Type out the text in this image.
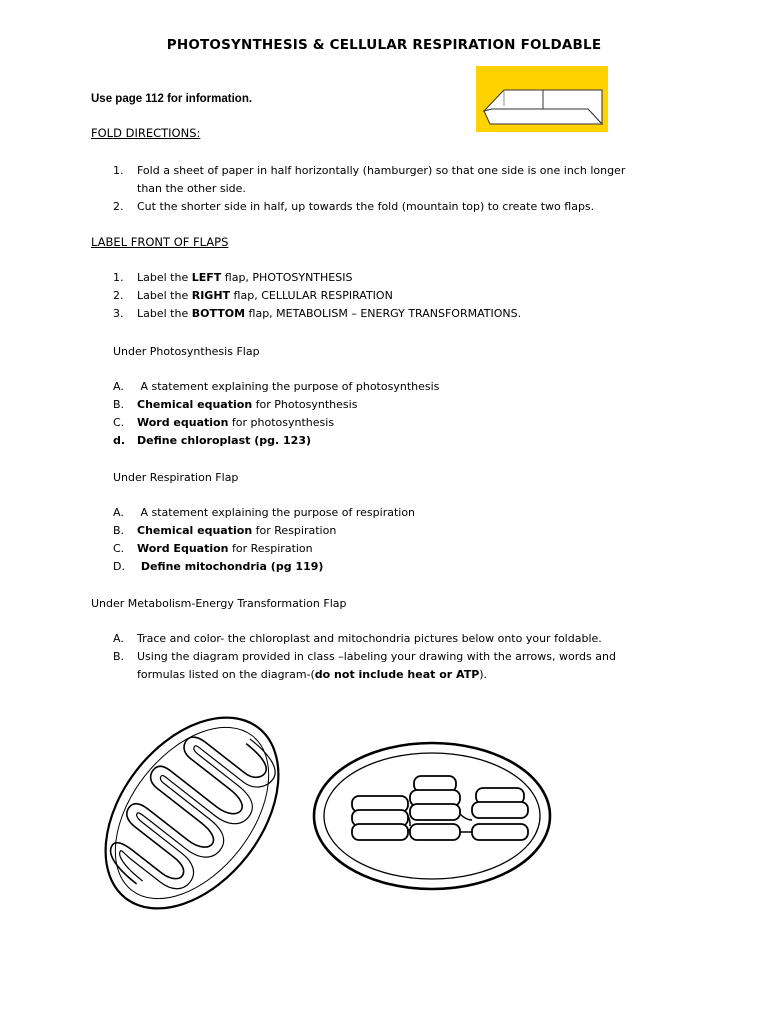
PHOTOSYNTHESIS & CELLULAR RESPIRATION FOLDABLE
Use page 112 for information.
FOLD DIRECTIONS:
1. Fold a sheet of paper in half horizontally (hamburger) so that one side is one inch longer
than the other side.
2. Cut the shorter side in half, up towards the fold (mountain top) to create two flaps.
LABEL FRONT OF FLAPS
1. Label the LEFT flap, PHOTOSYNTHESIS
2. Label the RIGHT flap, CELLULAR RESPIRATION
3. Label the BOTTOM flap, METABOLISM – ENERGY TRANSFORMATIONS.
Under Photosynthesis Flap
A. A statement explaining the purpose of photosynthesis
B. Chemical equation for Photosynthesis
C. Word equation for photosynthesis
d. Define chloroplast (pg. 123)
Under Respiration Flap
A. A statement explaining the purpose of respiration
B. Chemical equation for Respiration
C. Word Equation for Respiration
D. Define mitochondria (pg 119)
Under Metabolism-Energy Transformation Flap
A. Trace and color- the chloroplast and mitochondria pictures below onto your foldable.
B. Using the diagram provided in class –labeling your drawing with the arrows, words and
formulas listed on the diagram-(do not include heat or ATP).
